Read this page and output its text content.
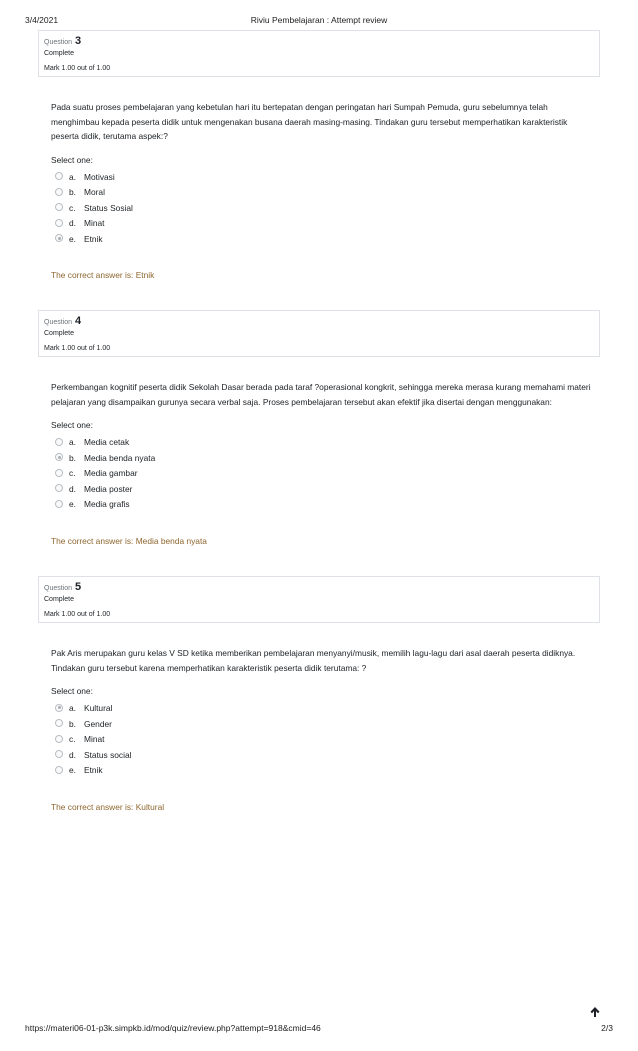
3/4/2021	Riviu Pembelajaran : Attempt review
Question 3
Complete
Mark 1.00 out of 1.00

Pada suatu proses pembelajaran yang kebetulan hari itu bertepatan dengan peringatan hari Sumpah Pemuda, guru sebelumnya telah menghimbau kepada peserta didik untuk mengenakan busana daerah masing-masing. Tindakan guru tersebut memperhatikan karakteristik peserta didik, terutama aspek:?

Select one:
a. Motivasi
b. Moral
c. Status Sosial
d. Minat
e. Etnik
The correct answer is: Etnik
Question 4
Complete
Mark 1.00 out of 1.00

Perkembangan kognitif peserta didik Sekolah Dasar berada pada taraf ?operasional kongkrit, sehingga mereka merasa kurang memahami materi pelajaran yang disampaikan gurunya secara verbal saja. Proses pembelajaran tersebut akan efektif jika disertai dengan menggunakan:

Select one:
a. Media cetak
b. Media benda nyata
c. Media gambar
d. Media poster
e. Media grafis
The correct answer is: Media benda nyata
Question 5
Complete
Mark 1.00 out of 1.00

Pak Aris merupakan guru kelas V SD ketika memberikan pembelajaran menyanyi/musik, memilih lagu-lagu dari asal daerah peserta didiknya. Tindakan guru tersebut karena memperhatikan karakteristik peserta didik terutama: ?

Select one:
a. Kultural
b. Gender
c. Minat
d. Status social
e. Etnik
The correct answer is: Kultural
https://materi06-01-p3k.simpkb.id/mod/quiz/review.php?attempt=918&cmid=46	2/3
